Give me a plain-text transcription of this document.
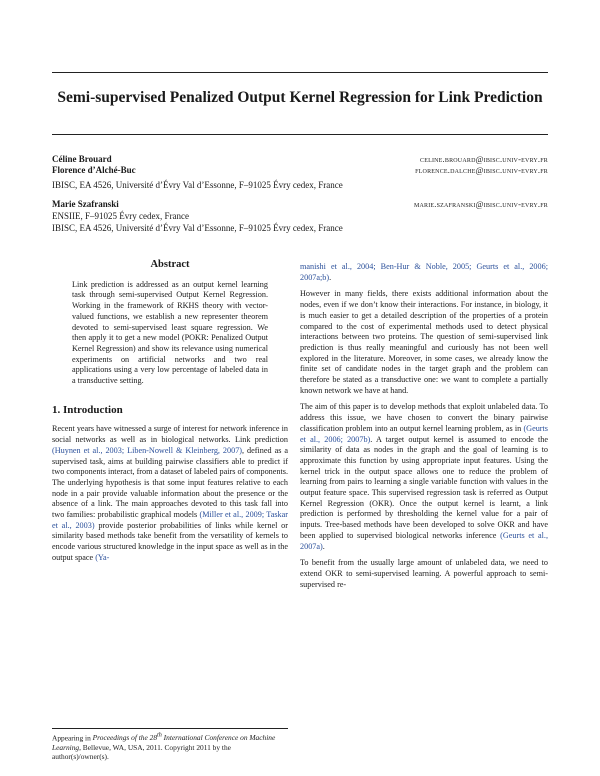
Semi-supervised Penalized Output Kernel Regression for Link Prediction
Céline Brouard	celine.brouard@ibisc.univ-evry.fr
Florence d’Alché-Buc	florence.dalche@ibisc.univ-evry.fr
IBISC, EA 4526, Université d’Évry Val d’Essonne, F–91025 Évry cedex, France
Marie Szafranski	marie.szafranski@ibisc.univ-evry.fr
ENSIIE, F–91025 Évry cedex, France
IBISC, EA 4526, Université d’Évry Val d’Essonne, F–91025 Évry cedex, France
Abstract

Link prediction is addressed as an output kernel learning task through semi-supervised Output Kernel Regression. Working in the framework of RKHS theory with vector-valued functions, we establish a new representer theorem devoted to semi-supervised least square regression. We then apply it to get a new model (POKR: Penalized Output Kernel Regression) and show its relevance using numerical experiments on artificial networks and two real applications using a very low percentage of labeled data in a transductive setting.

1. Introduction

Recent years have witnessed a surge of interest for network inference in social networks as well as in biological networks. Link prediction (Huynen et al., 2003; Liben-Nowell & Kleinberg, 2007), defined as a supervised task, aims at building pairwise classifiers able to predict if two components interact, from a dataset of labeled pairs of components. The underlying hypothesis is that some input features relative to each node in a pair provide valuable information about the presence or the absence of a link. The main approaches devoted to this task fall into two families: probabilistic graphical models (Miller et al., 2009; Taskar et al., 2003) provide posterior probabilities of links while kernel or similarity based methods take benefit from the versatility of kernels to encode various structured knowledge in the input space as well as in the output space (Ya-

Appearing in Proceedings of the 28th International Conference on Machine Learning, Bellevue, WA, USA, 2011. Copyright 2011 by the author(s)/owner(s).

manishi et al., 2004; Ben-Hur & Noble, 2005; Geurts et al., 2006; 2007a;b).

However in many fields, there exists additional information about the nodes, even if we don’t know their interactions. For instance, in biology, it is much easier to get a detailed description of the properties of a protein compared to the cost of experimental methods used to detect physical interactions between two proteins. The question of semi-supervised link prediction is thus really meaningful and curiously has not been well explored in the literature. Moreover, in some cases, we already know the finite set of candidate nodes in the target graph and the problem can therefore be stated as a transductive one: we want to complete a partially known network we have at hand.

The aim of this paper is to develop methods that exploit unlabeled data. To address this issue, we have chosen to convert the binary pairwise classification problem into an output kernel learning problem, as in (Geurts et al., 2006; 2007b). A target output kernel is assumed to encode the similarity of data as nodes in the graph and the goal of learning is to approximate this function by using appropriate input features. Using the kernel trick in the output space allows one to reduce the problem of learning from pairs to learning a single variable function with values in the output feature space. This supervised regression task is referred as Output Kernel Regression (OKR). Once the output kernel is learnt, a link prediction is performed by thresholding the kernel value for a pair of inputs. Tree-based methods have been developed to solve OKR and have been applied to supervised biological networks inference (Geurts et al., 2007a).

To benefit from the usually large amount of unlabeled data, we need to extend OKR to semi-supervised learning. A powerful approach to semi-supervised re-
